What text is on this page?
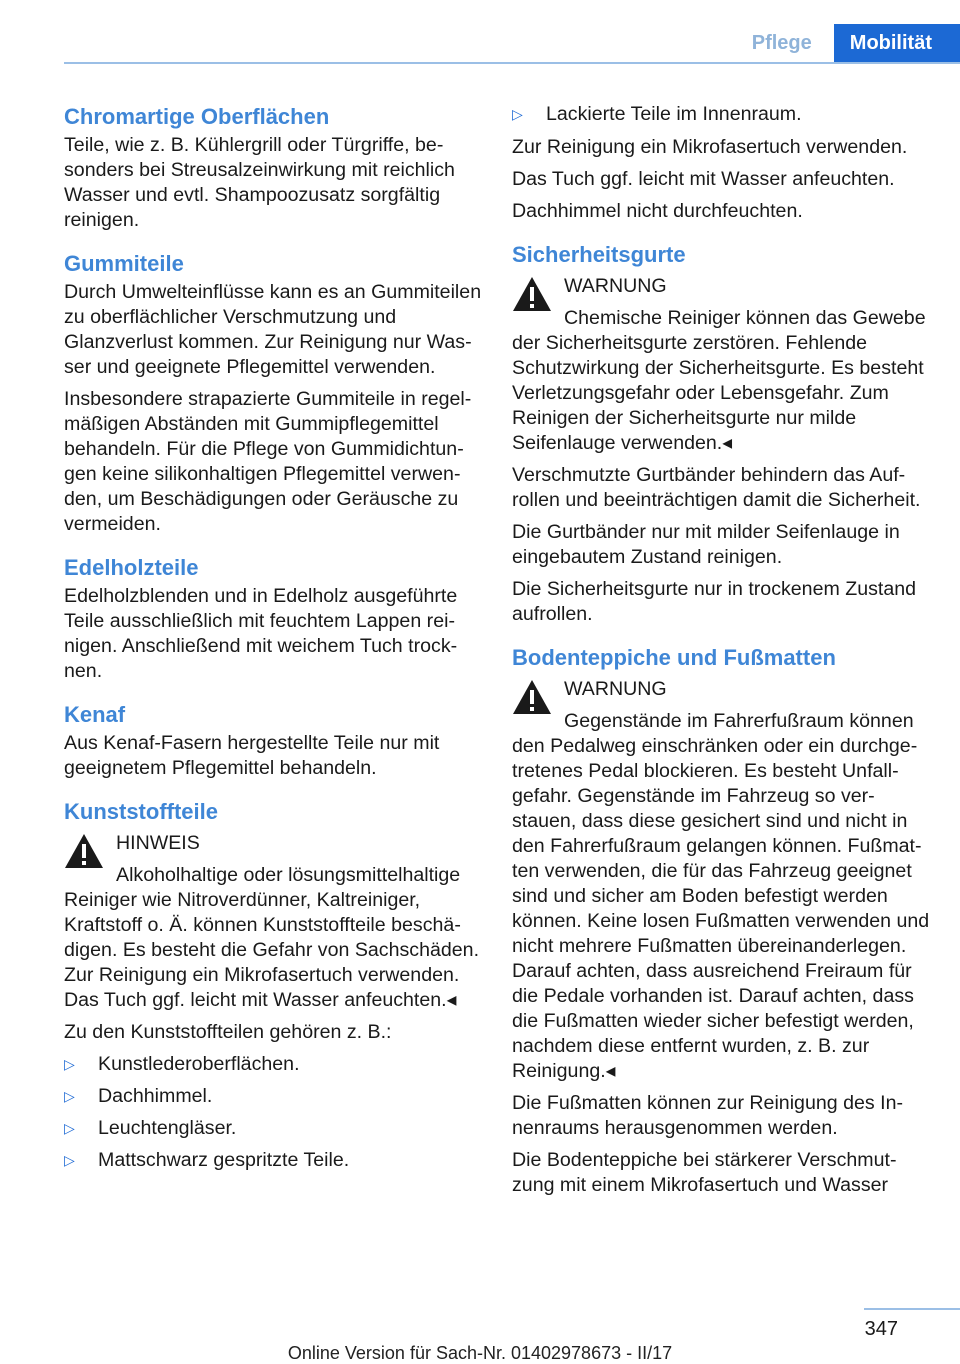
Pflege	Mobilität
Chromartige Oberflächen

Teile, wie z. B. Kühlergrill oder Türgriffe, besonders bei Streusalzeinwirkung mit reichlich Wasser und evtl. Shampoozusatz sorgfältig reinigen.

Gummiteile

Durch Umwelteinflüsse kann es an Gummiteilen zu oberflächlicher Verschmutzung und Glanzverlust kommen. Zur Reinigung nur Wasser und geeignete Pflegemittel verwenden.

Insbesondere strapazierte Gummiteile in regelmäßigen Abständen mit Gummipflegemittel behandeln. Für die Pflege von Gummidichtungen keine silikonhaltigen Pflegemittel verwenden, um Beschädigungen oder Geräusche zu vermeiden.

Edelholzteile

Edelholzblenden und in Edelholz ausgeführte Teile ausschließlich mit feuchtem Lappen reinigen. Anschließend mit weichem Tuch trocknen.

Kenaf

Aus Kenaf-Fasern hergestellte Teile nur mit geeignetem Pflegemittel behandeln.

Kunststoffteile
HINWEIS
Alkoholhaltige oder lösungsmittelhaltige
Reiniger wie Nitroverdünner, Kaltreiniger, Kraftstoff o. Ä. können Kunststoffteile beschädigen. Es besteht die Gefahr von Sachschäden. Zur Reinigung ein Mikrofasertuch verwenden. Das Tuch ggf. leicht mit Wasser anfeuchten.◂

Zu den Kunststoffteilen gehören z. B.:

▷ Kunstlederoberflächen.
▷ Dachhimmel.
▷ Leuchtengläser.
▷ Mattschwarz gespritzte Teile.
▷ Lackierte Teile im Innenraum.

Zur Reinigung ein Mikrofasertuch verwenden.

Das Tuch ggf. leicht mit Wasser anfeuchten.

Dachhimmel nicht durchfeuchten.

Sicherheitsgurte
WARNUNG
Chemische Reiniger können das Gewebe
der Sicherheitsgurte zerstören. Fehlende Schutzwirkung der Sicherheitsgurte. Es besteht Verletzungsgefahr oder Lebensgefahr. Zum Reinigen der Sicherheitsgurte nur milde Seifenlauge verwenden.◂

Verschmutzte Gurtbänder behindern das Aufrollen und beeinträchtigen damit die Sicherheit.

Die Gurtbänder nur mit milder Seifenlauge in eingebautem Zustand reinigen.

Die Sicherheitsgurte nur in trockenem Zustand aufrollen.

Bodenteppiche und Fußmatten
WARNUNG
Gegenstände im Fahrerfußraum können
den Pedalweg einschränken oder ein durchgetretenes Pedal blockieren. Es besteht Unfallgefahr. Gegenstände im Fahrzeug so verstauen, dass diese gesichert sind und nicht in den Fahrerfußraum gelangen können. Fußmatten verwenden, die für das Fahrzeug geeignet sind und sicher am Boden befestigt werden können. Keine losen Fußmatten verwenden und nicht mehrere Fußmatten übereinanderlegen. Darauf achten, dass ausreichend Freiraum für die Pedale vorhanden ist. Darauf achten, dass die Fußmatten wieder sicher befestigt werden, nachdem diese entfernt wurden, z. B. zur Reinigung.◂

Die Fußmatten können zur Reinigung des Innenraums herausgenommen werden.

Die Bodenteppiche bei stärkerer Verschmutzung mit einem Mikrofasertuch und Wasser

347
Online Version für Sach-Nr. 01402978673 - II/17
